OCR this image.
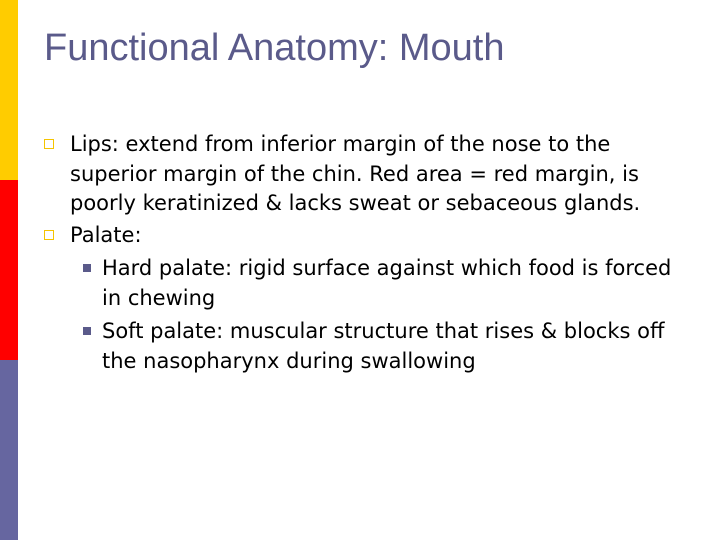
Functional Anatomy: Mouth
Lips: extend from inferior margin of the nose to the superior margin of the chin. Red area = red margin, is poorly keratinized & lacks sweat or sebaceous glands.
Palate:
Hard palate: rigid surface against which food is forced in chewing
Soft palate: muscular structure that rises & blocks off the nasopharynx during swallowing
